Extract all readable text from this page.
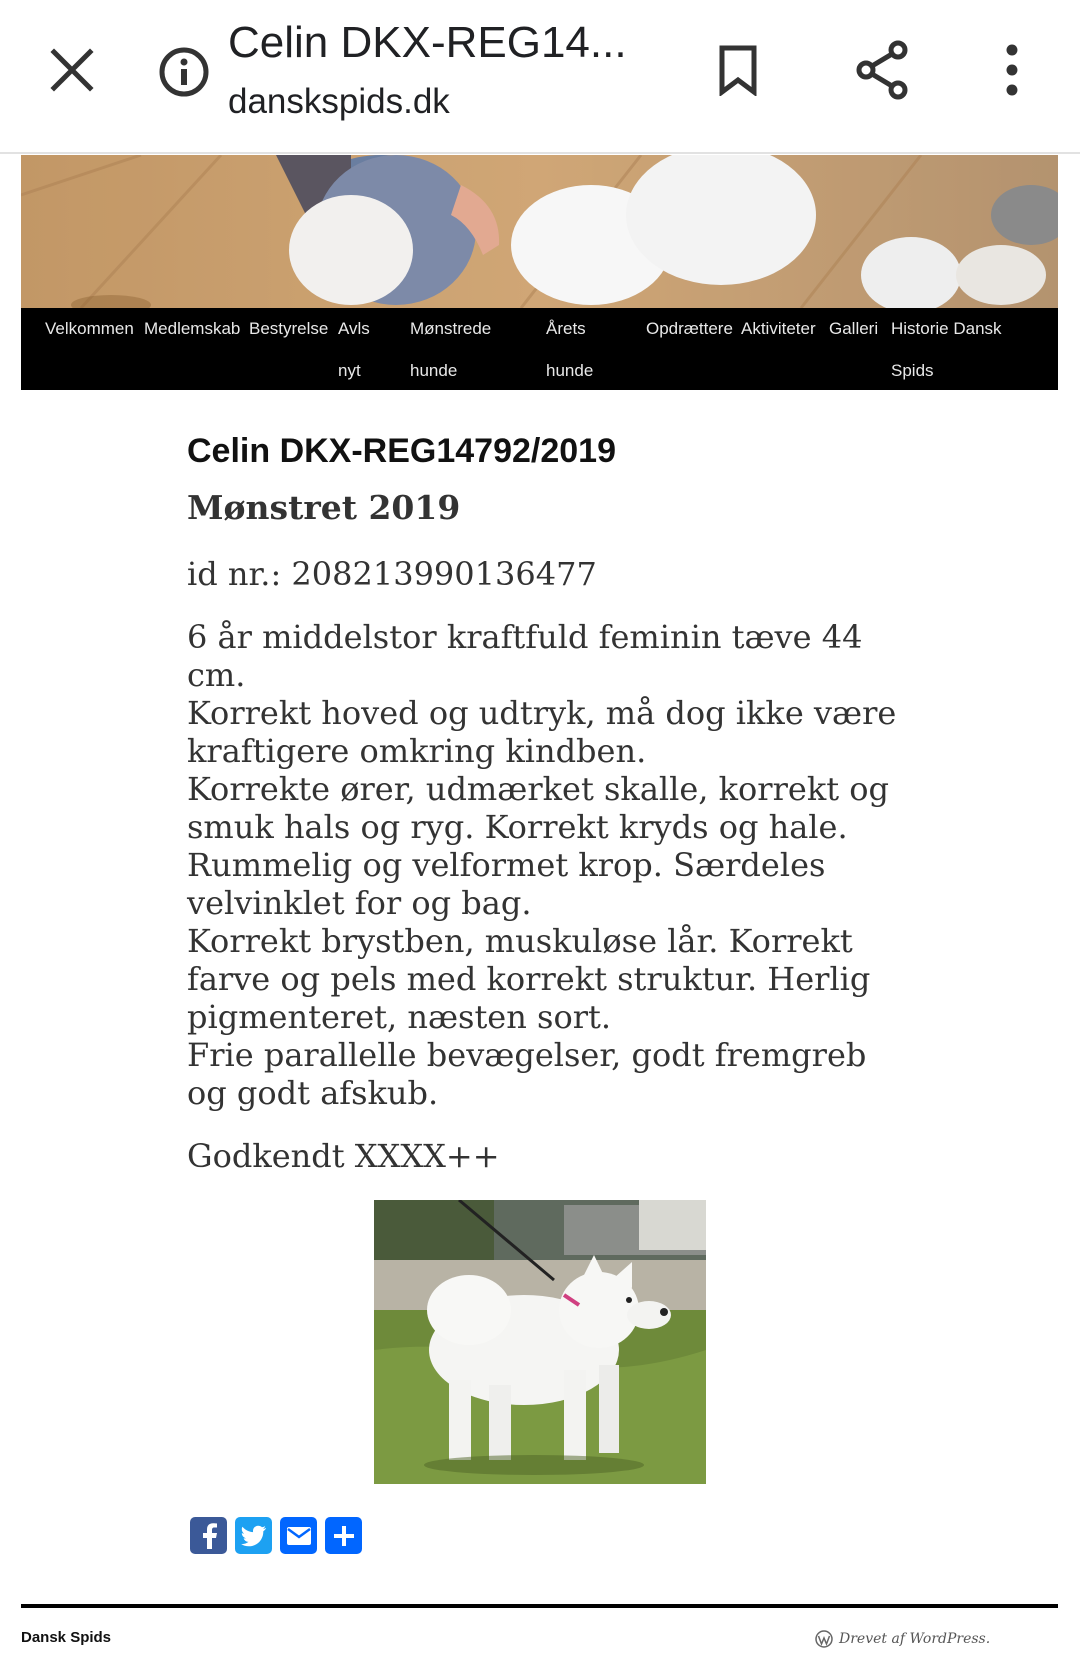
Celin DKX-REG14...
danskspids.dk
Velkommen Medlemskab Bestyrelse Avls
nyt
Mønstrede
hunde
Årets
hunde
Opdrættere Aktiviteter Galleri Historie Dansk
Spids
Celin DKX-REG14792/2019
Mønstret 2019
id nr.: 208213990136477
6 år middelstor kraftfuld feminin tæve 44
cm.
Korrekt hoved og udtryk, må dog ikke være
kraftigere omkring kindben.
Korrekte ører, udmærket skalle, korrekt og
smuk hals og ryg. Korrekt kryds og hale.
Rummelig og velformet krop. Særdeles
velvinklet for og bag.
Korrekt brystben, muskuløse lår. Korrekt
farve og pels med korrekt struktur. Herlig
pigmenteret, næsten sort.
Frie parallelle bevægelser, godt fremgreb
og godt afskub.
Godkendt XXXX++
Dansk Spids	Drevet af WordPress.
